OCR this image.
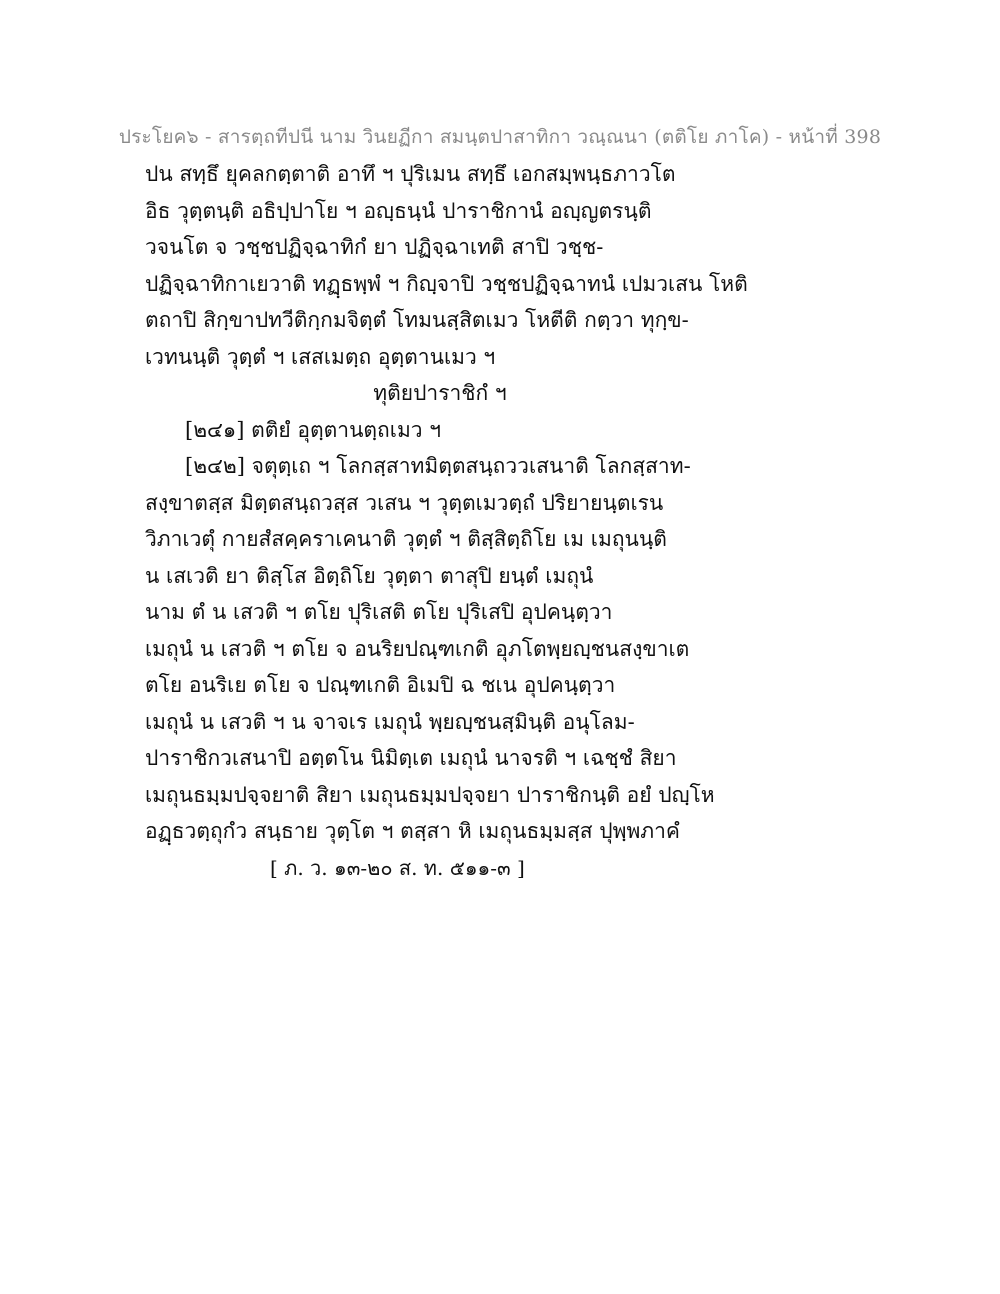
ประโยค๖ - สารตฺถทีปนี นาม วินยฏีกา สมนฺตปาสาทิกา วณฺณนา (ตติโย ภาโค) - หน้าที่ 398
ปน สทฺธึ ยุคลกตฺตาติ อาทึ ฯ ปุริเมน สทฺธึ เอกสมฺพนฺธภาวโต
อิธ วุตฺตนฺติ อธิปฺปาโย ฯ อญฺธนฺนํ ปาราชิกานํ อญฺญตรนฺติ
วจนโต จ วชฺชปฏิจฺฉาทิกํ ยา ปฏิจฺฉาเทติ สาปิ วชฺช-
ปฏิจฺฉาทิกาเยวาติ ทฏฺธพฺพํ ฯ กิญฺจาปิ วชฺชปฏิจฺฉาทนํ เปมวเสน โหติ
ตถาปิ สิกฺขาปทวีติกฺกมจิตฺตํ โทมนสฺสิตเมว โหตีติ กตฺวา ทุกฺข-
เวทนนฺติ วุตฺตํ ฯ เสสเมตฺถ อุตฺตานเมว ฯ
ทุติยปาราชิกํ ฯ
[๒๔๑] ตติยํ อุตฺตานตฺถเมว ฯ
[๒๔๒] จตุตฺเถ ฯ โลกสฺสาทมิตฺตสนฺถววเสนาติ โลกสฺสาท-
สงฺขาตสฺส มิตฺตสนฺถวสฺส วเสน ฯ วุตฺตเมวตฺถํ ปริยายนฺตเรน
วิภาเวตุํ กายสํสคฺคราเคนาติ วุตฺตํ ฯ ติสฺสิตฺถิโย เม เมถุนนฺติ
น เสเวติ ยา ติสฺโส อิตฺถิโย วุตฺตา ตาสุปิ ยนฺตํ เมถุนํ
นาม ตํ น เสวติ ฯ ตโย ปุริเสติ ตโย ปุริเสปิ อุปคนฺตฺวา
เมถุนํ น เสวติ ฯ ตโย จ อนริยปณฺฑเกติ อุภโตพฺยญฺชนสงฺขาเต
ตโย อนริเย ตโย จ ปณฺฑเกติ อิเมปิ ฉ ชเน อุปคนฺตฺวา
เมถุนํ น เสวติ ฯ น จาจเร เมถุนํ พฺยญฺชนสฺมินฺติ อนุโลม-
ปาราชิกวเสนาปิ อตฺตโน นิมิตฺเต เมถุนํ นาจรติ ฯ เฉชฺชํ สิยา
เมถุนธมฺมปจฺจยาติ สิยา เมถุนธมฺมปจฺจยา ปาราชิกนฺติ อยํ ปญฺโห
อฏฺธวตฺถุกํว สนฺธาย วุตฺโต ฯ ตสฺสา หิ เมถุนธมฺมสฺส ปุพฺพภาคํ
[ ภ. ว. ๑๓-๒๐ ส. ท. ๕๑๑-๓ ]
